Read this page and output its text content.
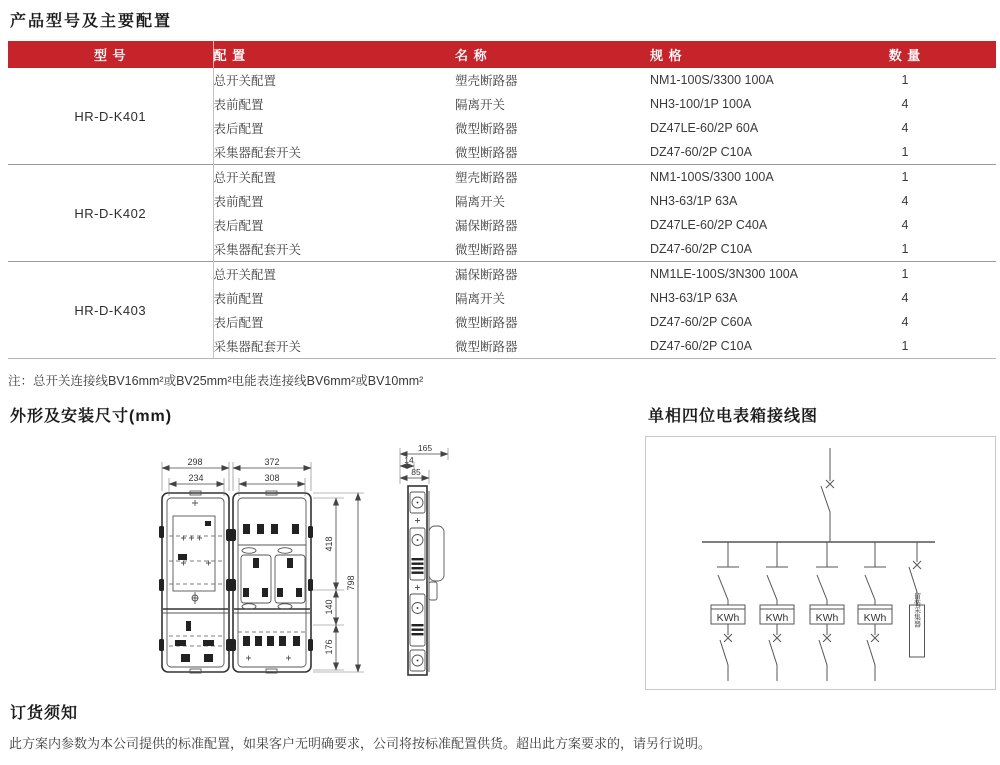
产品型号及主要配置
型 号	配 置	名 称	规 格	数 量
HR-D-K401	总开关配置	塑壳断路器	NM1-100S/3300 100A	1
	表前配置	隔离开关	NH3-100/1P 100A	4
	表后配置	微型断路器	DZ47LE-60/2P 60A	4
	采集器配套开关	微型断路器	DZ47-60/2P C10A	1
HR-D-K402	总开关配置	塑壳断路器	NM1-100S/3300 100A	1
	表前配置	隔离开关	NH3-63/1P 63A	4
	表后配置	漏保断路器	DZ47LE-60/2P C40A	4
	采集器配套开关	微型断路器	DZ47-60/2P C10A	1
HR-D-K403	总开关配置	漏保断路器	NM1LE-100S/3N300 100A	1
	表前配置	隔离开关	NH3-63/1P 63A	4
	表后配置	微型断路器	DZ47-60/2P C60A	4
	采集器配套开关	微型断路器	DZ47-60/2P C10A	1
注：总开关连接线BV16mm²或BV25mm²电能表连接线BV6mm²或BV10mm²
外形及安装尺寸(mm)	单相四位电表箱接线图
298	372
234	308
418
140
176
798
165
14
85
KWh KWh	KWh KWh	留装采集器
订货须知
此方案内参数为本公司提供的标准配置，如果客户无明确要求，公司将按标准配置供货。超出此方案要求的，请另行说明。
